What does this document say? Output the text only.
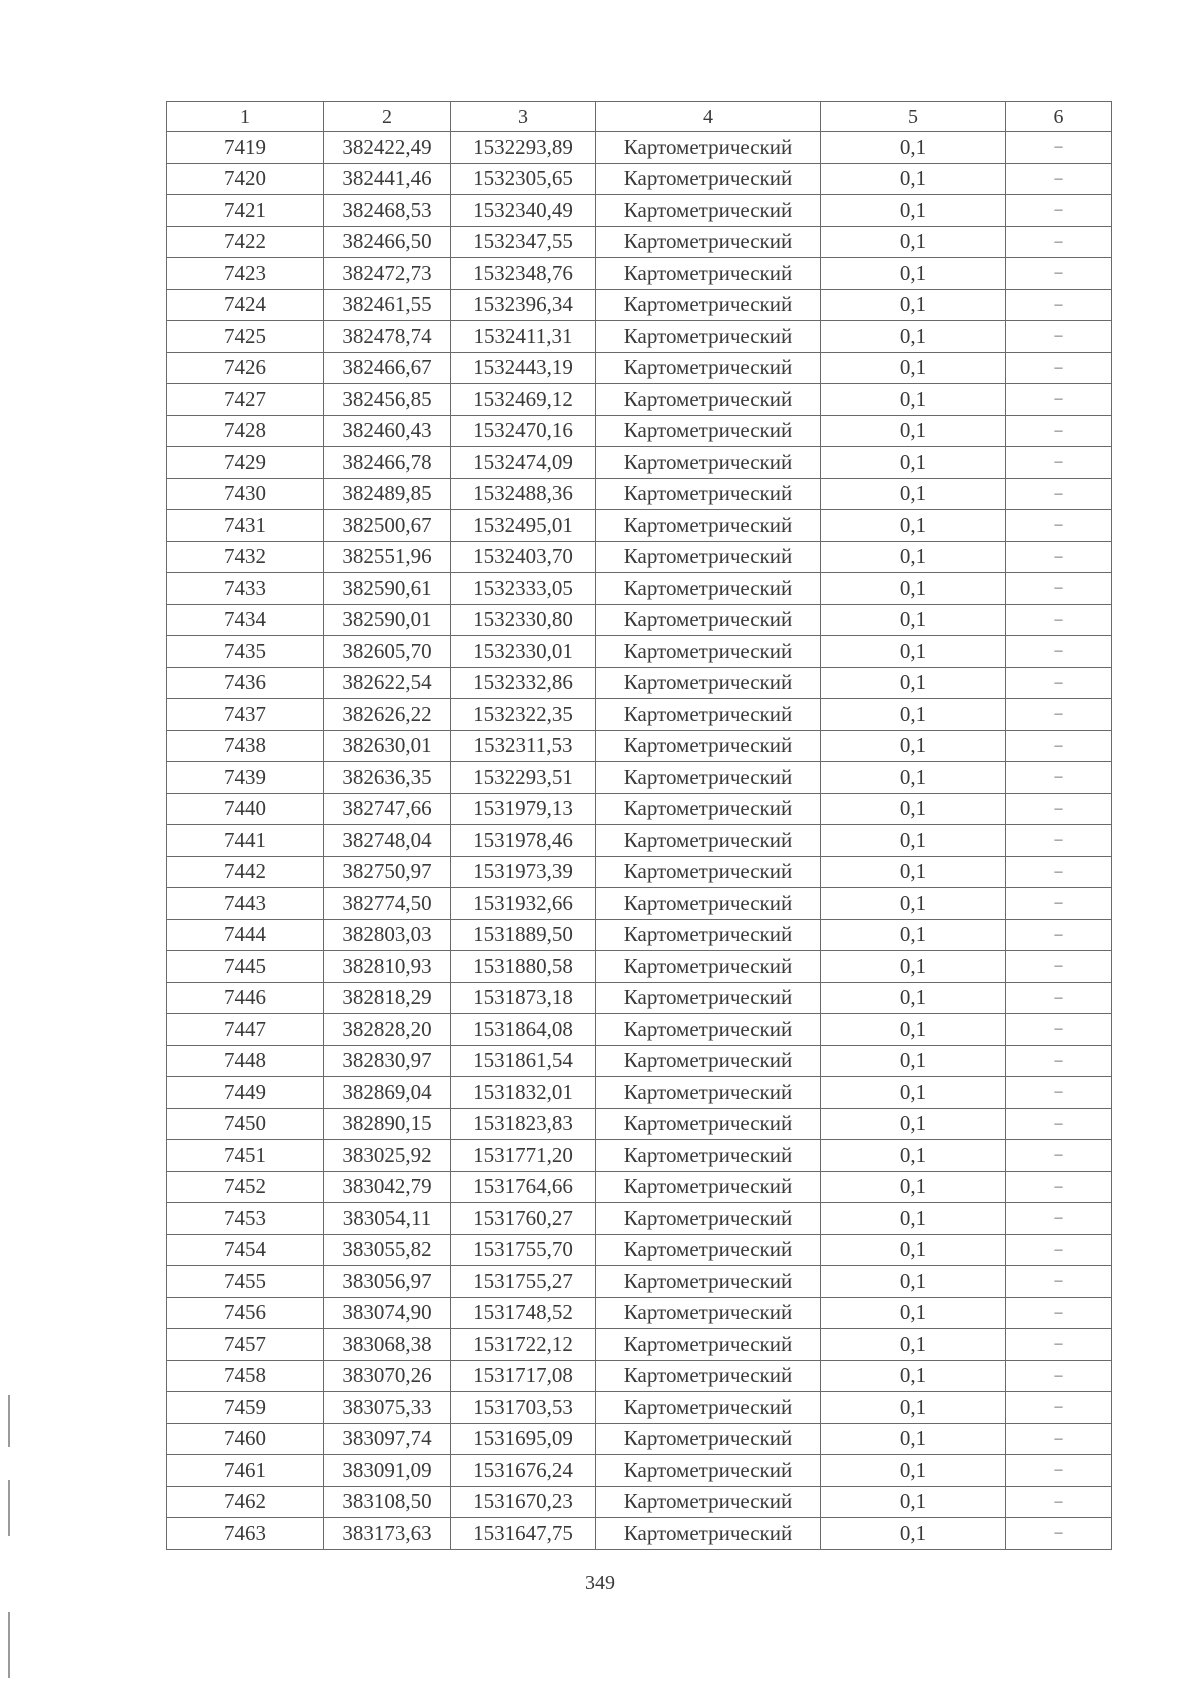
1	2	3	4	5	6
7419	382422,49	1532293,89	Картометрический	0,1	–
7420	382441,46	1532305,65	Картометрический	0,1	–
7421	382468,53	1532340,49	Картометрический	0,1	–
7422	382466,50	1532347,55	Картометрический	0,1	–
7423	382472,73	1532348,76	Картометрический	0,1	–
7424	382461,55	1532396,34	Картометрический	0,1	–
7425	382478,74	1532411,31	Картометрический	0,1	–
7426	382466,67	1532443,19	Картометрический	0,1	–
7427	382456,85	1532469,12	Картометрический	0,1	–
7428	382460,43	1532470,16	Картометрический	0,1	–
7429	382466,78	1532474,09	Картометрический	0,1	–
7430	382489,85	1532488,36	Картометрический	0,1	–
7431	382500,67	1532495,01	Картометрический	0,1	–
7432	382551,96	1532403,70	Картометрический	0,1	–
7433	382590,61	1532333,05	Картометрический	0,1	–
7434	382590,01	1532330,80	Картометрический	0,1	–
7435	382605,70	1532330,01	Картометрический	0,1	–
7436	382622,54	1532332,86	Картометрический	0,1	–
7437	382626,22	1532322,35	Картометрический	0,1	–
7438	382630,01	1532311,53	Картометрический	0,1	–
7439	382636,35	1532293,51	Картометрический	0,1	–
7440	382747,66	1531979,13	Картометрический	0,1	–
7441	382748,04	1531978,46	Картометрический	0,1	–
7442	382750,97	1531973,39	Картометрический	0,1	–
7443	382774,50	1531932,66	Картометрический	0,1	–
7444	382803,03	1531889,50	Картометрический	0,1	–
7445	382810,93	1531880,58	Картометрический	0,1	–
7446	382818,29	1531873,18	Картометрический	0,1	–
7447	382828,20	1531864,08	Картометрический	0,1	–
7448	382830,97	1531861,54	Картометрический	0,1	–
7449	382869,04	1531832,01	Картометрический	0,1	–
7450	382890,15	1531823,83	Картометрический	0,1	–
7451	383025,92	1531771,20	Картометрический	0,1	–
7452	383042,79	1531764,66	Картометрический	0,1	–
7453	383054,11	1531760,27	Картометрический	0,1	–
7454	383055,82	1531755,70	Картометрический	0,1	–
7455	383056,97	1531755,27	Картометрический	0,1	–
7456	383074,90	1531748,52	Картометрический	0,1	–
7457	383068,38	1531722,12	Картометрический	0,1	–
7458	383070,26	1531717,08	Картометрический	0,1	–
7459	383075,33	1531703,53	Картометрический	0,1	–
7460	383097,74	1531695,09	Картометрический	0,1	–
7461	383091,09	1531676,24	Картометрический	0,1	–
7462	383108,50	1531670,23	Картометрический	0,1	–
7463	383173,63	1531647,75	Картометрический	0,1	–
349
